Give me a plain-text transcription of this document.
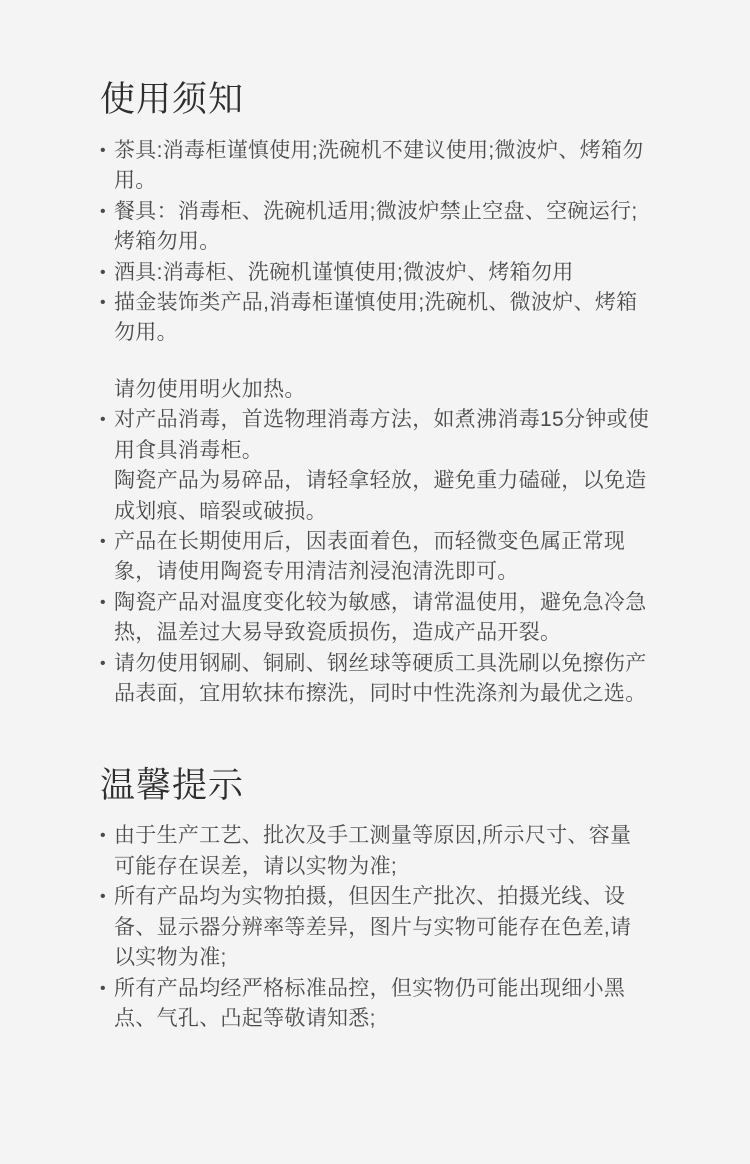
使用须知
• 茶具:消毒柜谨慎使用;洗碗机不建议使用;微波炉、烤箱勿用。
• 餐具：消毒柜、洗碗机适用;微波炉禁止空盘、空碗运行;烤箱勿用。
• 酒具:消毒柜、洗碗机谨慎使用;微波炉、烤箱勿用
• 描金装饰类产品,消毒柜谨慎使用;洗碗机、微波炉、烤箱勿用。
请勿使用明火加热。
• 对产品消毒，首选物理消毒方法，如煮沸消毒15分钟或使用食具消毒柜。
陶瓷产品为易碎品，请轻拿轻放，避免重力磕碰，以免造成划痕、暗裂或破损。
• 产品在长期使用后，因表面着色，而轻微变色属正常现象，请使用陶瓷专用清洁剂浸泡清洗即可。
• 陶瓷产品对温度变化较为敏感，请常温使用，避免急冷急热，温差过大易导致瓷质损伤，造成产品开裂。
• 请勿使用钢刷、铜刷、钢丝球等硬质工具洗刷以免擦伤产品表面，宜用软抹布擦洗，同时中性洗涤剂为最优之选。
温馨提示
• 由于生产工艺、批次及手工测量等原因,所示尺寸、容量可能存在误差，请以实物为准;
• 所有产品均为实物拍摄，但因生产批次、拍摄光线、设备、显示器分辨率等差异，图片与实物可能存在色差,请以实物为准;
• 所有产品均经严格标准品控，但实物仍可能出现细小黑点、气孔、凸起等敬请知悉;
